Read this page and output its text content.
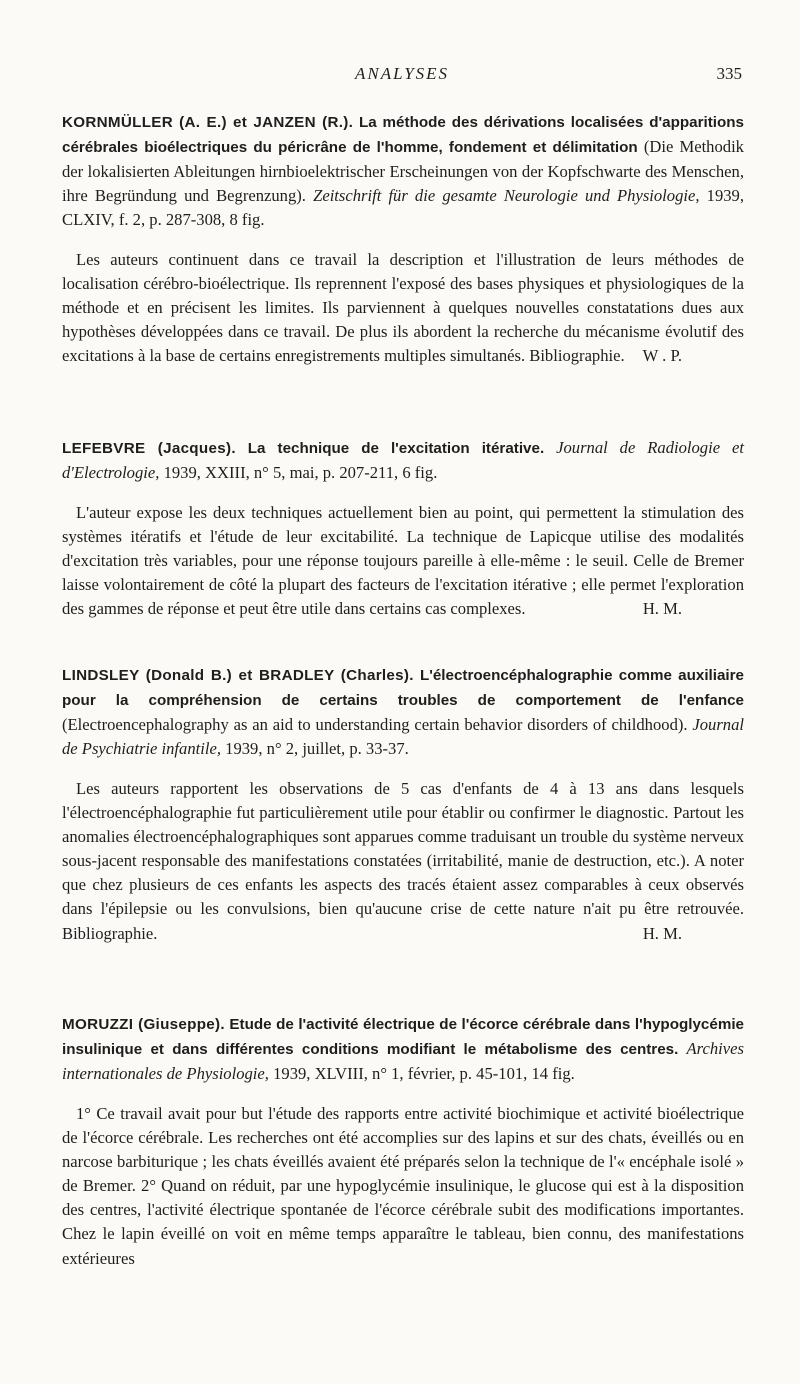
ANALYSES	335

KORNMÜLLER (A. E.) et JANZEN (R.). La méthode des dérivations localisées d'apparitions cérébrales bioélectriques du péricrâne de l'homme, fondement et délimitation (Die Methodik der lokalisierten Ableitungen hirnbioelektrischer Erscheinungen von der Kopfschwarte des Menschen, ihre Begründung und Begrenzung). Zeitschrift für die gesamte Neurologie und Physiologie, 1939, CLXIV, f. 2, p. 287-308, 8 fig.

Les auteurs continuent dans ce travail la description et l'illustration de leurs méthodes de localisation cérébro-bioélectrique. Ils reprennent l'exposé des bases physiques et physiologiques de la méthode et en précisent les limites. Ils parviennent à quelques nouvelles constatations dues aux hypothèses développées dans ce travail. De plus ils abordent la recherche du mécanisme évolutif des excitations à la base de certains enregistrements multiples simultanés. Bibliographie.	W . P.

LEFEBVRE (Jacques). La technique de l'excitation itérative. Journal de Radiologie et d'Electrologie, 1939, XXIII, n° 5, mai, p. 207-211, 6 fig.

L'auteur expose les deux techniques actuellement bien au point, qui permettent la stimulation des systèmes itératifs et l'étude de leur excitabilité. La technique de Lapicque utilise des modalités d'excitation très variables, pour une réponse toujours pareille à elle-même : le seuil. Celle de Bremer laisse volontairement de côté la plupart des facteurs de l'excitation itérative ; elle permet l'exploration des gammes de réponse et peut être utile dans certains cas complexes.	H. M.

LINDSLEY (Donald B.) et BRADLEY (Charles). L'électroencéphalographie comme auxiliaire pour la compréhension de certains troubles de comportement de l'enfance (Electroencephalography as an aid to understanding certain behavior disorders of childhood). Journal de Psychiatrie infantile, 1939, n° 2, juillet, p. 33-37.

Les auteurs rapportent les observations de 5 cas d'enfants de 4 à 13 ans dans lesquels l'électroencéphalographie fut particulièrement utile pour établir ou confirmer le diagnostic. Partout les anomalies électroencéphalographiques sont apparues comme traduisant un trouble du système nerveux sous-jacent responsable des manifestations constatées (irritabilité, manie de destruction, etc.). A noter que chez plusieurs de ces enfants les aspects des tracés étaient assez comparables à ceux observés dans l'épilepsie ou les convulsions, bien qu'aucune crise de cette nature n'ait pu être retrouvée. Bibliographie.	H. M.

MORUZZI (Giuseppe). Etude de l'activité électrique de l'écorce cérébrale dans l'hypoglycémie insulinique et dans différentes conditions modifiant le métabolisme des centres. Archives internationales de Physiologie, 1939, XLVIII, n° 1, février, p. 45-101, 14 fig.

1° Ce travail avait pour but l'étude des rapports entre activité biochimique et activité bioélectrique de l'écorce cérébrale. Les recherches ont été accomplies sur des lapins et sur des chats, éveillés ou en narcose barbiturique ; les chats éveillés avaient été préparés selon la technique de l'« encéphale isolé » de Bremer. 2° Quand on réduit, par une hypoglycémie insulinique, le glucose qui est à la disposition des centres, l'activité électrique spontanée de l'écorce cérébrale subit des modifications importantes. Chez le lapin éveillé on voit en même temps apparaître le tableau, bien connu, des manifestations extérieures
